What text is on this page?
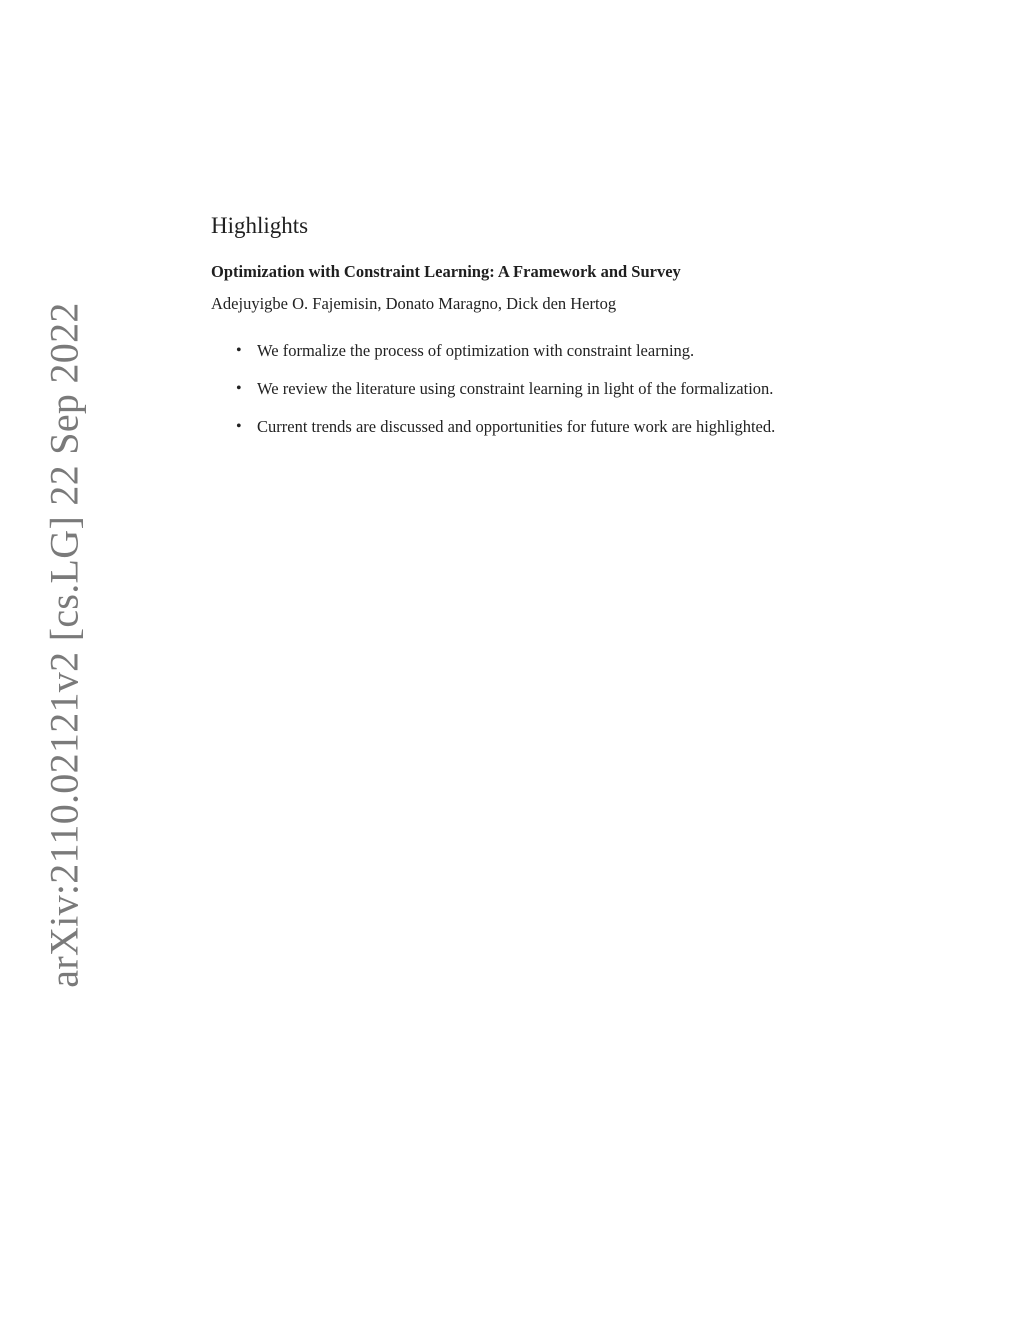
arXiv:2110.02121v2 [cs.LG] 22 Sep 2022
Highlights
Optimization with Constraint Learning: A Framework and Survey
Adejuyigbe O. Fajemisin, Donato Maragno, Dick den Hertog
• We formalize the process of optimization with constraint learning.
• We review the literature using constraint learning in light of the formalization.
• Current trends are discussed and opportunities for future work are highlighted.
